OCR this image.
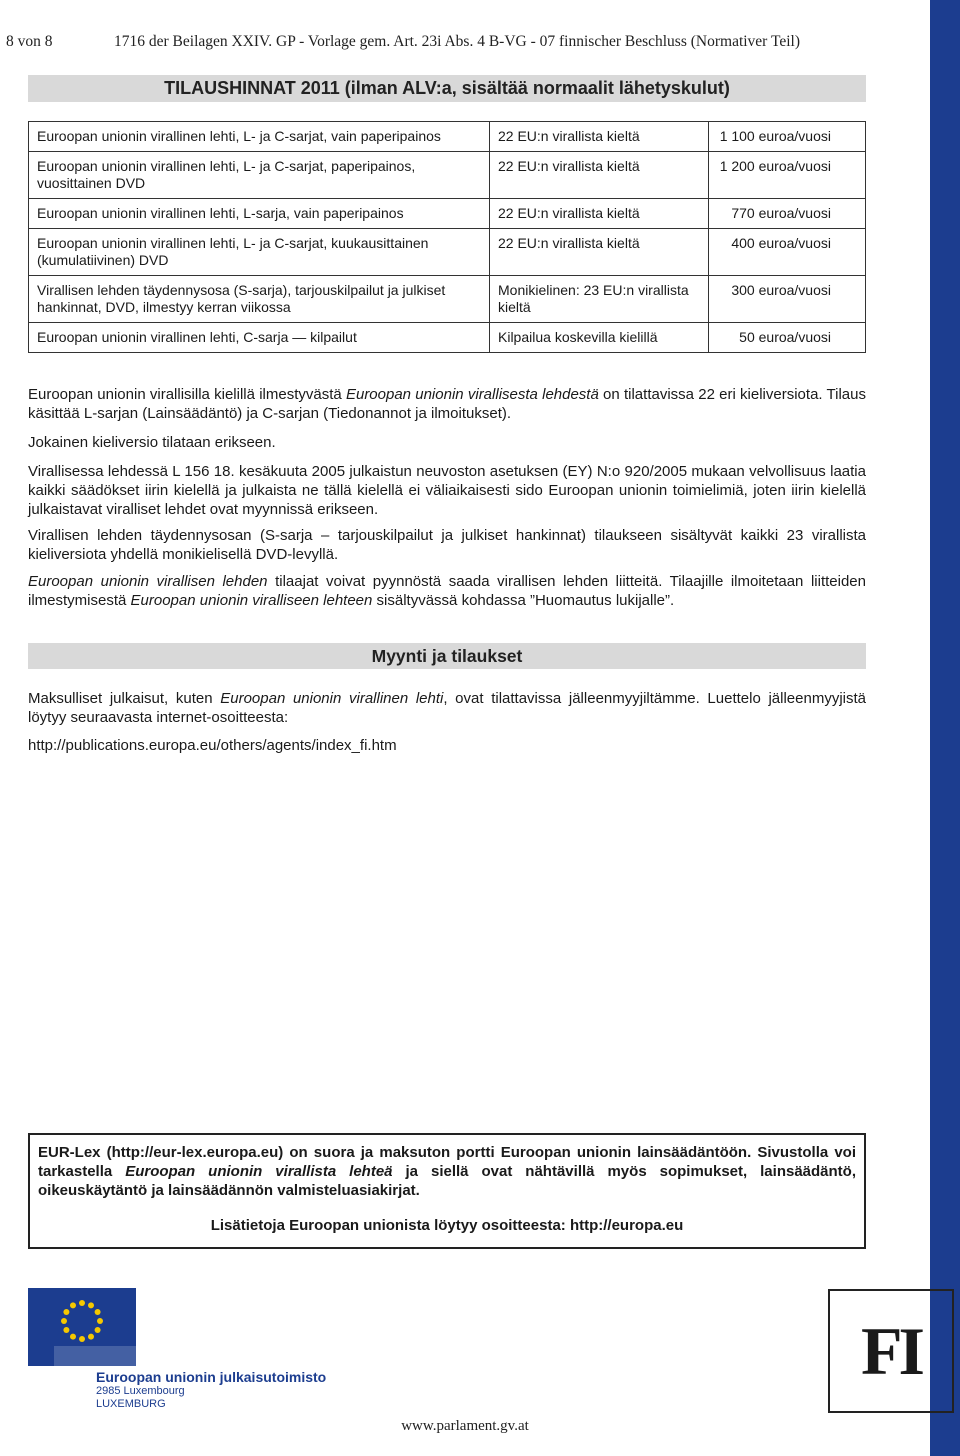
8 von 8	1716 der Beilagen XXIV. GP - Vorlage gem. Art. 23i Abs. 4 B-VG - 07 finnischer Beschluss (Normativer Teil)
TILAUSHINNAT 2011 (ilman ALV:a, sisältää normaalit lähetyskulut)
Euroopan unionin virallinen lehti, L- ja C-sarjat, vain paperipainos	22 EU:n virallista kieltä	1 100 euroa/vuosi
Euroopan unionin virallinen lehti, L- ja C-sarjat, paperipainos, vuosittainen DVD	22 EU:n virallista kieltä	1 200 euroa/vuosi
Euroopan unionin virallinen lehti, L-sarja, vain paperipainos	22 EU:n virallista kieltä	770 euroa/vuosi
Euroopan unionin virallinen lehti, L- ja C-sarjat, kuukausittainen (kumulatiivinen) DVD	22 EU:n virallista kieltä	400 euroa/vuosi
Virallisen lehden täydennysosa (S-sarja), tarjouskilpailut ja julkiset hankinnat, DVD, ilmestyy kerran viikossa	Monikielinen: 23 EU:n virallista kieltä	300 euroa/vuosi
Euroopan unionin virallinen lehti, C-sarja — kilpailut	Kilpailua koskevilla kielillä	50 euroa/vuosi

Euroopan unionin virallisilla kielillä ilmestyvästä Euroopan unionin virallisesta lehdestä on tilattavissa 22 eri kieliversiota. Tilaus käsittää L-sarjan (Lainsäädäntö) ja C-sarjan (Tiedonannot ja ilmoitukset).

Jokainen kieliversio tilataan erikseen.

Virallisessa lehdessä L 156 18. kesäkuuta 2005 julkaistun neuvoston asetuksen (EY) N:o 920/2005 mukaan velvollisuus laatia kaikki säädökset iirin kielellä ja julkaista ne tällä kielellä ei väliaikaisesti sido Euroopan unionin toimielimiä, joten iirin kielellä julkaistavat viralliset lehdet ovat myynnissä erikseen.

Virallisen lehden täydennysosan (S-sarja – tarjouskilpailut ja julkiset hankinnat) tilaukseen sisältyvät kaikki 23 virallista kieliversiota yhdellä monikielisellä DVD-levyllä.

Euroopan unionin virallisen lehden tilaajat voivat pyynnöstä saada virallisen lehden liitteitä. Tilaajille ilmoitetaan liitteiden ilmestymisestä Euroopan unionin viralliseen lehteen sisältyvässä kohdassa ”Huomautus lukijalle”.

Myynti ja tilaukset

Maksulliset julkaisut, kuten Euroopan unionin virallinen lehti, ovat tilattavissa jälleenmyyjiltämme. Luettelo jälleenmyyjistä löytyy seuraavasta internet-osoitteesta:

http://publications.europa.eu/others/agents/index_fi.htm

EUR-Lex (http://eur-lex.europa.eu) on suora ja maksuton portti Euroopan unionin lainsäädäntöön. Sivustolla voi tarkastella Euroopan unionin virallista lehteä ja siellä ovat nähtävillä myös sopimukset, lainsäädäntö, oikeuskäytäntö ja lainsäädännön valmisteluasiakirjat.
Lisätietoja Euroopan unionista löytyy osoitteesta: http://europa.eu
Euroopan unionin julkaisutoimisto
2985 Luxembourg
LUXEMBURG
FI
www.parlament.gv.at
